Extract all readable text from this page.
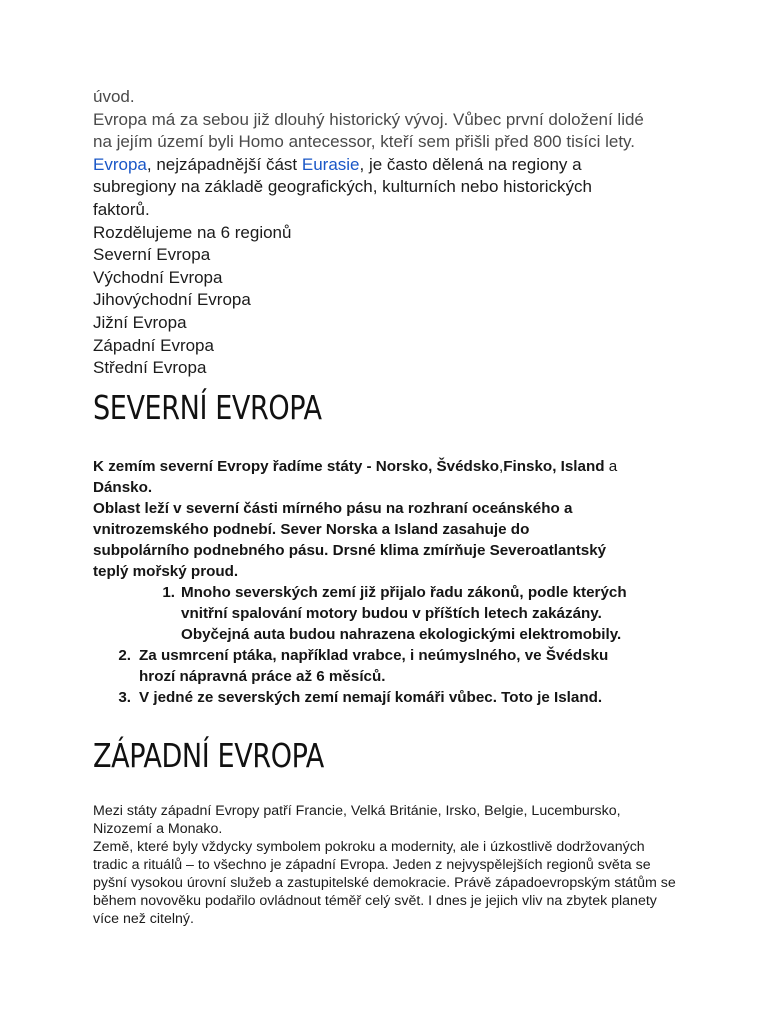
úvod.
Evropa má za sebou již dlouhý historický vývoj. Vůbec první doložení lidé
na jejím území byli Homo antecessor, kteří sem přišli před 800 tisíci lety.
Evropa, nejzápadnější část Eurasie, je často dělená na regiony a
subregiony na základě geografických, kulturních nebo historických
faktorů.
Rozdělujeme na 6 regionů
Severní Evropa
Východní Evropa
Jihovýchodní Evropa
Jižní Evropa
Západní Evropa
Střední Evropa
SEVERNÍ EVROPA
K zemím severní Evropy řadíme státy - Norsko, Švédsko,Finsko, Island a
Dánsko.
Oblast leží v severní části mírného pásu na rozhraní oceánského a
vnitrozemského podnebí. Sever Norska a Island zasahuje do
subpolárního podnebného pásu. Drsné klima zmírňuje Severoatlantský
teplý mořský proud.
1. Mnoho severských zemí již přijalo řadu zákonů, podle kterých
vnitřní spalování motory budou v příštích letech zakázány.
Obyčejná auta budou nahrazena ekologickými elektromobily.
2. Za usmrcení ptáka, například vrabce, i neúmyslného, ve Švédsku
hrozí nápravná práce až 6 měsíců.
3. V jedné ze severských zemí nemají komáři vůbec. Toto je Island.
ZÁPADNÍ EVROPA
Mezi státy západní Evropy patří Francie, Velká Británie, Irsko, Belgie, Lucembursko,
Nizozemí a Monako.
Země, které byly vždycky symbolem pokroku a modernity, ale i úzkostlivě dodržovaných
tradic a rituálů – to všechno je západní Evropa. Jeden z nejvyspělejších regionů světa se
pyšní vysokou úrovní služeb a zastupitelské demokracie. Právě západoevropským státům se
během novověku podařilo ovládnout téměř celý svět. I dnes je jejich vliv na zbytek planety
více než citelný.
